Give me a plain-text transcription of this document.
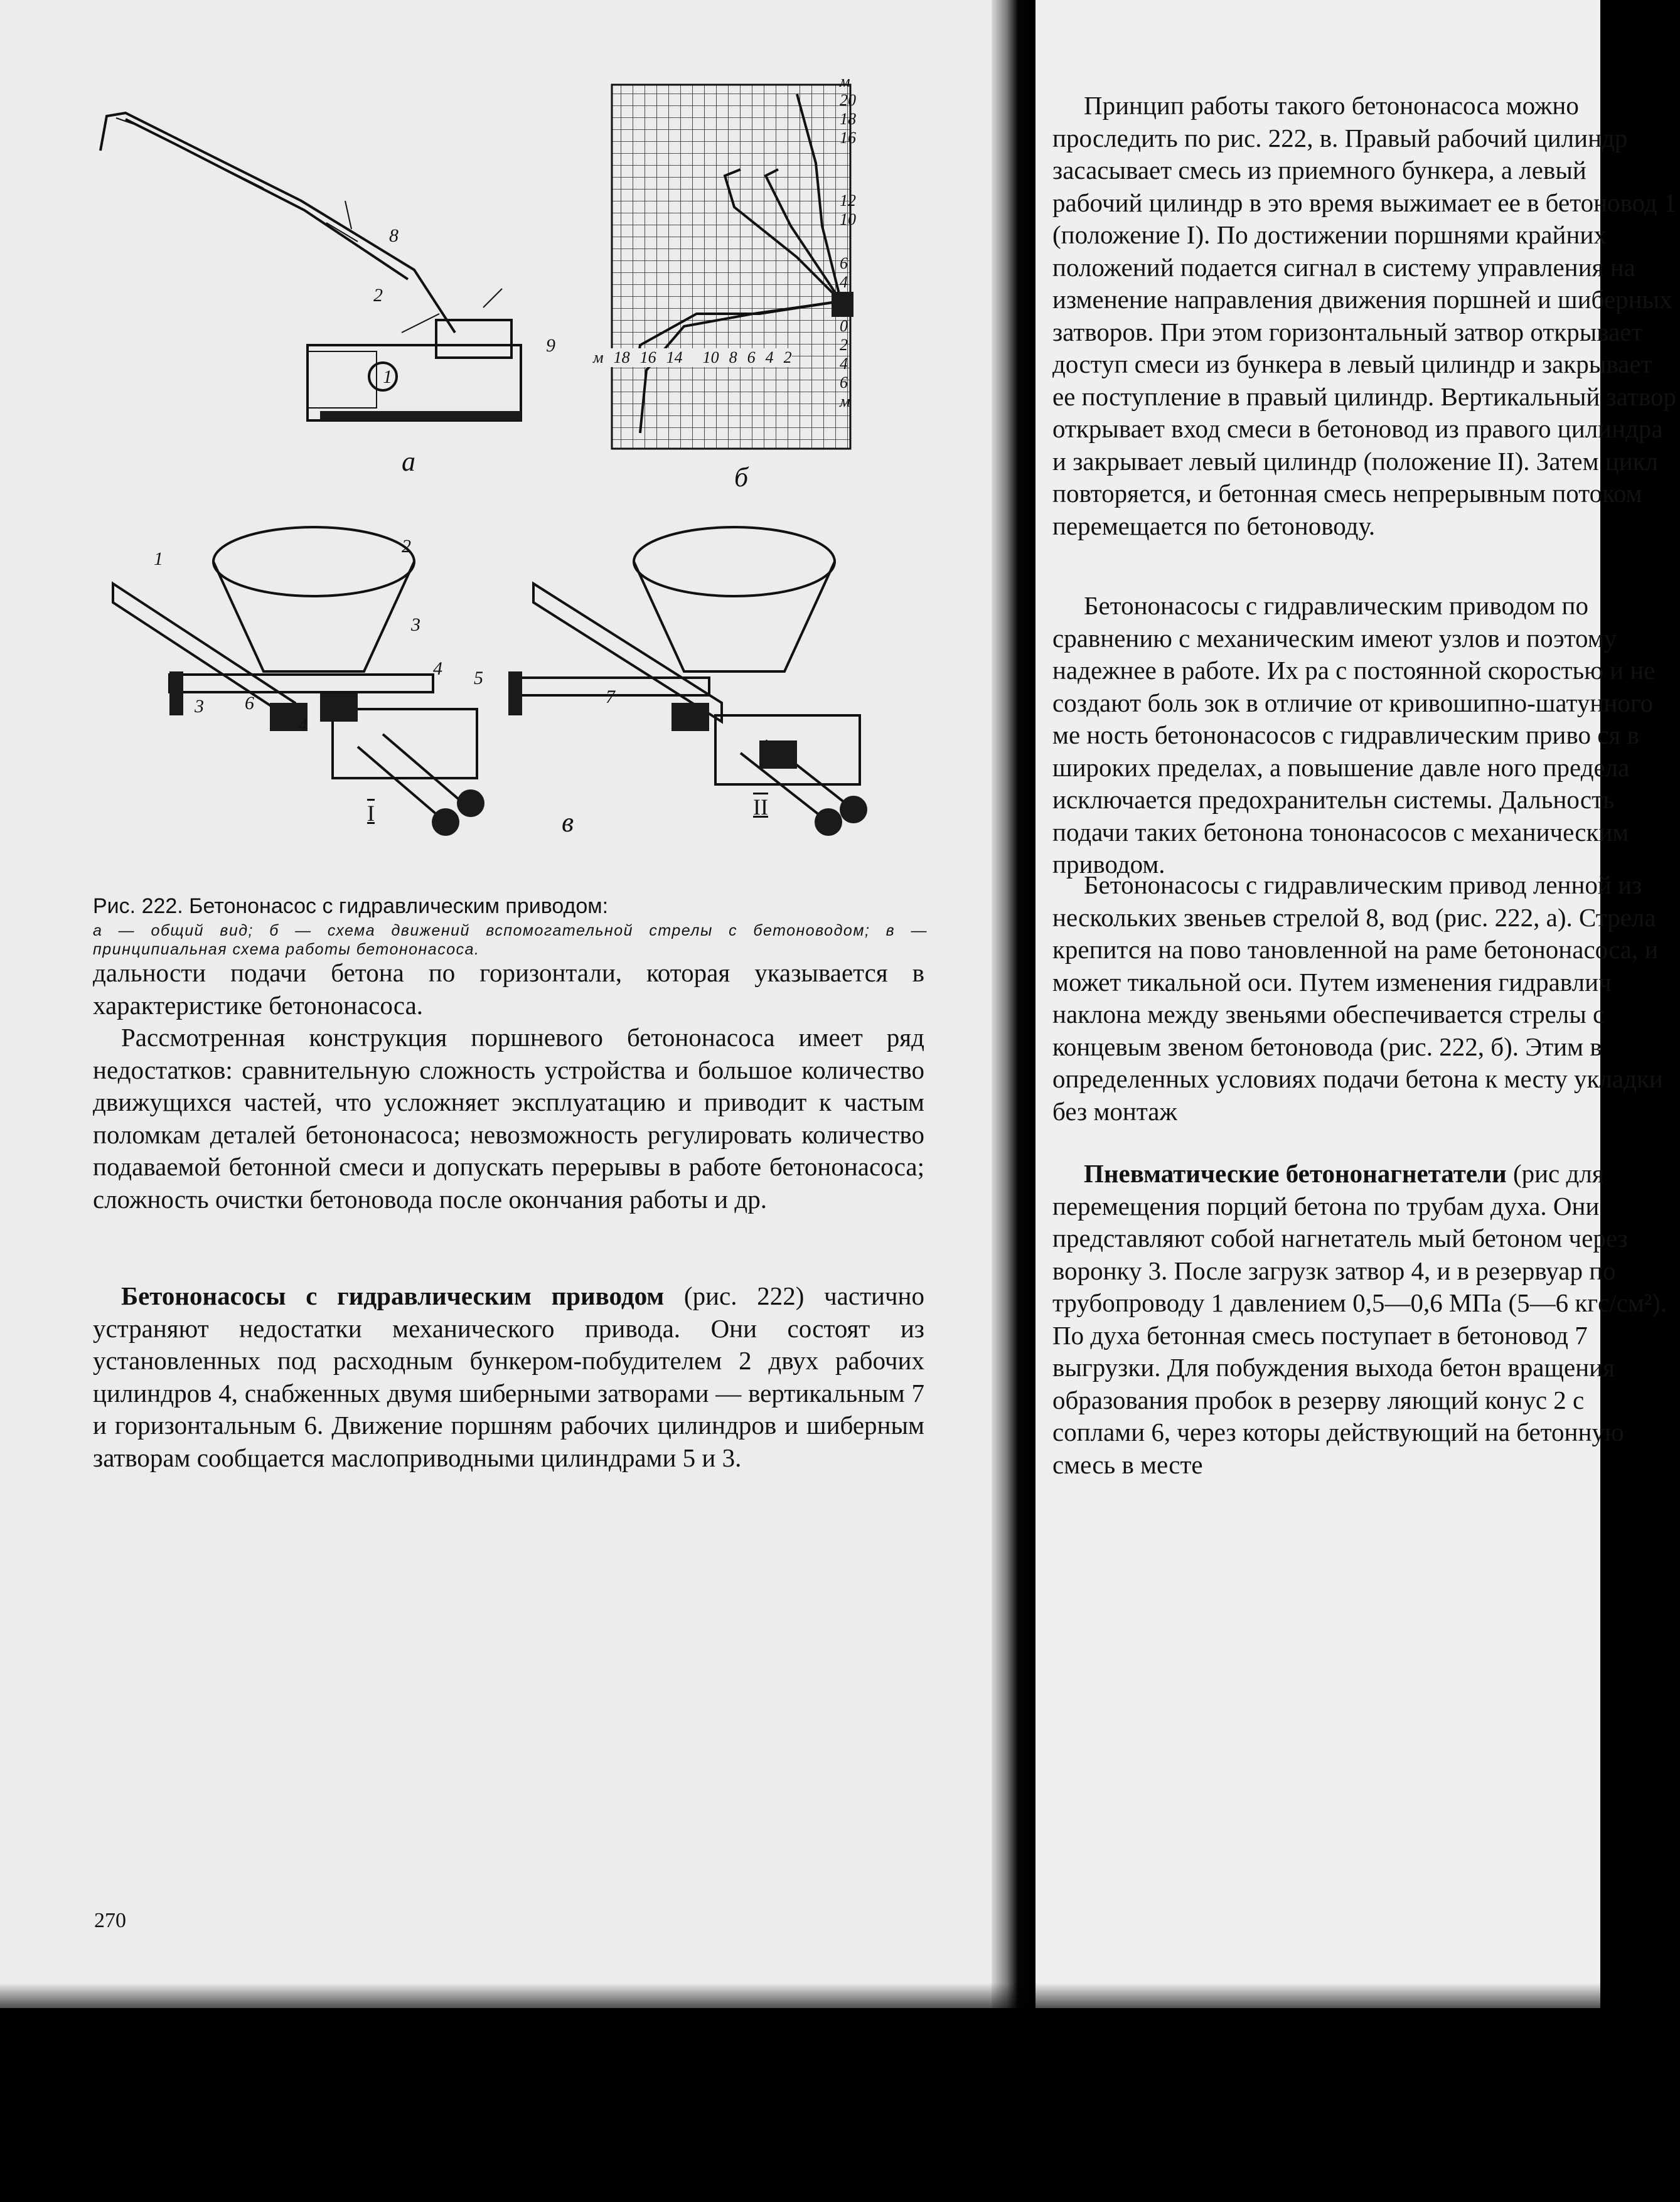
8
2
1
9
а
м
20
18
16
12
10
6
4
0
2
4
6
м
м 18 16 14 10 8 6 4 2
б
1
2
3
4
3 6
4
5
7
I	в	II
Рис. 222. Бетононасос с гидравлическим приводом:
а — общий вид; б — схема движений вспомогательной стрелы с бетоноводом; в — принципиальная схема работы бетононасоса.

дальности подачи бетона по горизонтали, которая указывается в характеристике бетононасоса.

Рассмотренная конструкция поршневого бетононасоса имеет ряд недостатков: сравнительную сложность устройства и большое количество движущихся частей, что усложняет эксплуатацию и приводит к частым поломкам деталей бетононасоса; невозможность регулировать количество подаваемой бетонной смеси и допускать перерывы в работе бетононасоса; сложность очистки бетоновода после окончания работы и др.

Бетононасосы с гидравлическим приводом (рис. 222) частично устраняют недостатки механического привода. Они состоят из установленных под расходным бункером-побудителем 2 двух рабочих цилиндров 4, снабженных двумя шиберными затворами — вертикальным 7 и горизонтальным 6. Движение поршням рабочих цилиндров и шиберным затворам сообщается маслоприводными цилиндрами 5 и 3.

270

Принцип работы такого бетононасоса можно проследить по рис. 222, в. Правый рабочий цилиндр засасывает смесь из приемного бункера, а левый рабочий цилиндр в это время выжимает ее в бетоновод 1 (положение I). По достижении поршнями крайних положений подается сигнал в систему управления на изменение направления движения поршней и шиберных затворов. При этом горизонтальный затвор открывает доступ смеси из бункера в левый цилиндр и закрывает ее поступление в правый цилиндр. Вертикальный затвор открывает вход смеси в бетоновод из правого цилиндра и закрывает левый цилиндр (положение II). Затем цикл повторяется, и бетонная смесь непрерывным потоком перемещается по бетоноводу.

Бетононасосы с гидравлическим приводом по сравнению с механическим имеют узлов и поэтому надежнее в работе. Их ра с постоянной скоростью и не создают боль зок в отличие от кривошипно-шатунного ме ность бетононасосов с гидравлическим приво ся в широких пределах, а повышение давле ного предела исключается предохранительн системы. Дальность подачи таких бетонона тононасосов с механическим приводом.

Бетононасосы с гидравлическим привод ленной из нескольких звеньев стрелой 8, вод (рис. 222, а). Стрела крепится на пово тановленной на раме бетононасоса, и может тикальной оси. Путем изменения гидравлич наклона между звеньями обеспечивается стрелы с концевым звеном бетоновода (рис. 222, б). Этим в определенных условиях подачи бетона к месту укладки без монтаж

Пневматические бетононагнетатели (рис для перемещения порций бетона по трубам духа. Они представляют собой нагнетатель мый бетоном через воронку 3. После загрузк затвор 4, и в резервуар по трубопроводу 1 давлением 0,5—0,6 МПа (5—6 кгс/см²). По духа бетонная смесь поступает в бетоновод 7 выгрузки. Для побуждения выхода бетон вращения образования пробок в резерву ляющий конус 2 с соплами 6, через которы действующий на бетонную смесь в месте
